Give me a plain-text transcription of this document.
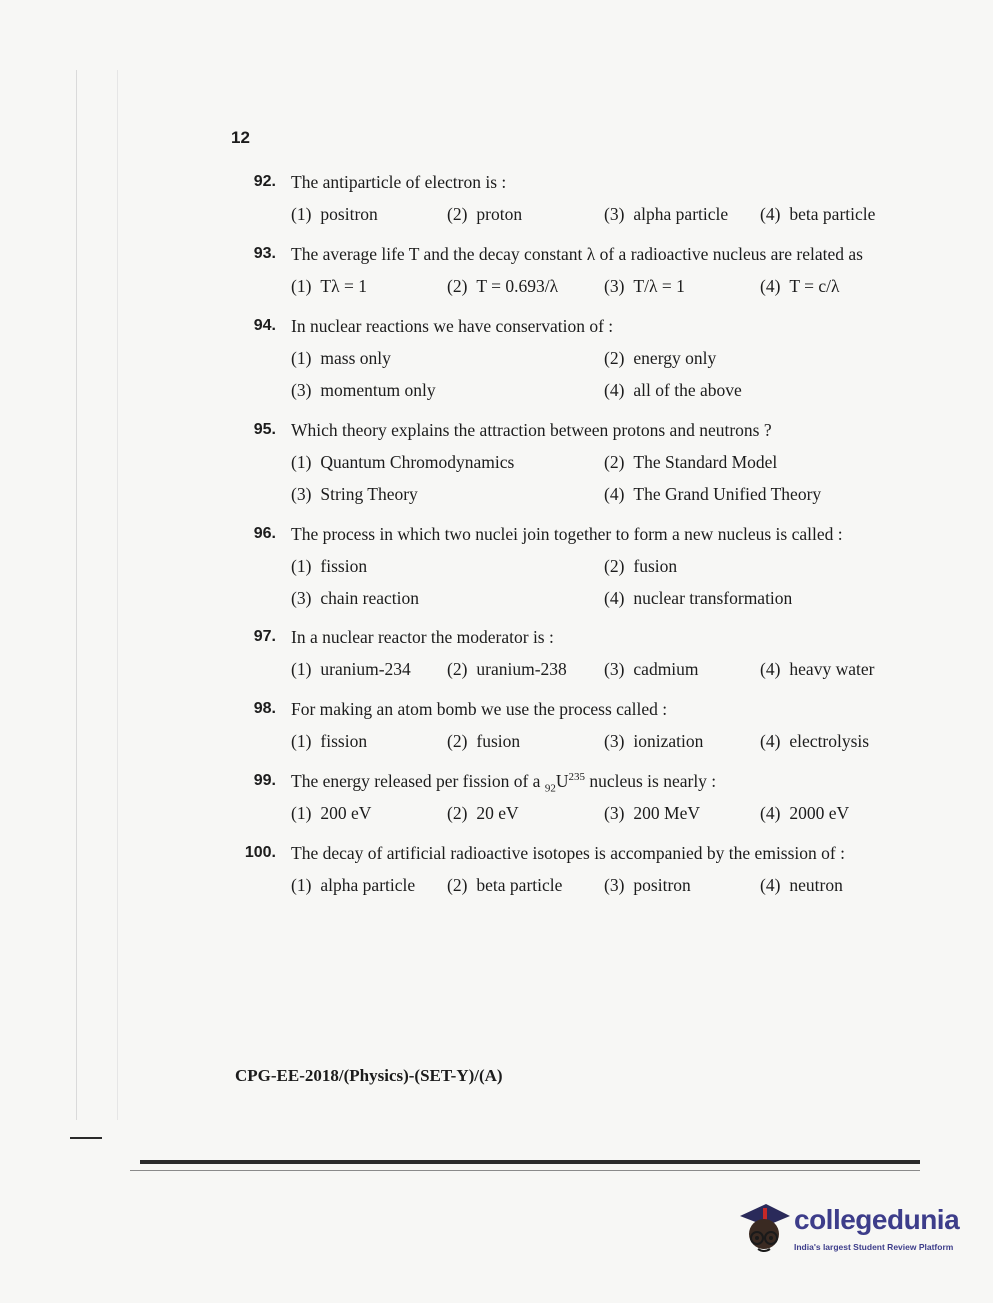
12
92. The antiparticle of electron is :
(1) positron	(2) proton	(3) alpha particle (4) beta particle
93. The average life T and the decay constant λ of a radioactive nucleus are related as
(1) Tλ = 1	(2) T = 0.693/λ	(3) T/λ = 1	(4) T = c/λ
94. In nuclear reactions we have conservation of :
(1) mass only	(2) energy only
(3) momentum only	(4) all of the above
95. Which theory explains the attraction between protons and neutrons ?
(1) Quantum Chromodynamics	(2) The Standard Model
(3) String Theory	(4) The Grand Unified Theory
96. The process in which two nuclei join together to form a new nucleus is called :
(1) fission	(2) fusion
(3) chain reaction	(4) nuclear transformation
97. In a nuclear reactor the moderator is :
(1) uranium-234 (2) uranium-238 (3) cadmium	(4) heavy water
98. For making an atom bomb we use the process called :
(1) fission	(2) fusion	(3) ionization	(4) electrolysis
99. The energy released per fission of a $_{92}U^{235}$ nucleus is nearly :
(1) 200 eV	(2) 20 eV	(3) 200 MeV	(4) 2000 eV
100. The decay of artificial radioactive isotopes is accompanied by the emission of :
(1) alpha particle (2) beta particle (3) positron	(4) neutron
CPG-EE-2018/(Physics)-(SET-Y)/(A)
collegedunia
India's largest Student Review Platform
